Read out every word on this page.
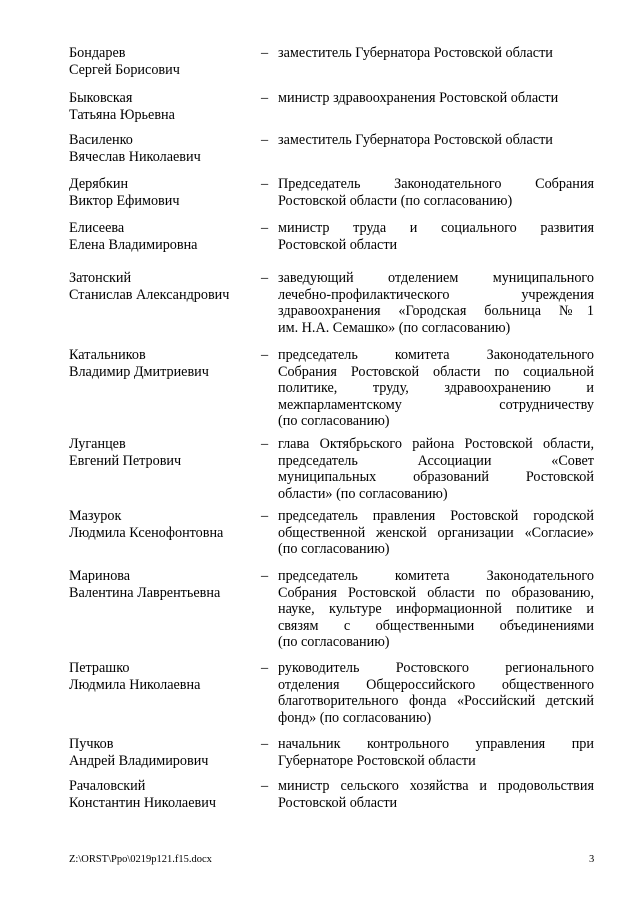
Бондарев
Сергей Борисович
– заместитель Губернатора Ростовской области
Быковская
Татьяна Юрьевна
– министр здравоохранения Ростовской области
Василенко
Вячеслав Николаевич
– заместитель Губернатора Ростовской области
Дерябкин
Виктор Ефимович
– Председатель Законодательного Собрания
Ростовской области (по согласованию)
Елисеева
Елена Владимировна
– министр труда и социального развития
Ростовской области
Затонский
Станислав Александрович
– заведующий отделением муниципального
лечебно-профилактического учреждения
здравоохранения «Городская больница №1
им. Н.А. Семашко» (по согласованию)
Катальников
Владимир Дмитриевич
– председатель комитета Законодательного
Собрания Ростовской области по социальной
политике, труду, здравоохранению и
межпарламентскому сотрудничеству
(по согласованию)
Луганцев
Евгений Петрович
– глава Октябрьского района Ростовской области,
председатель Ассоциации «Совет
муниципальных образований Ростовской
области» (по согласованию)
Мазурок
Людмила Ксенофонтовна
– председатель правления Ростовской городской
общественной женской организации «Согласие»
(по согласованию)
Маринова
Валентина Лаврентьевна
– председатель комитета Законодательного
Собрания Ростовской области по образованию,
науке, культуре информационной политике и
связям с общественными объединениями
(по согласованию)
Петрашко
Людмила Николаевна
– руководитель Ростовского регионального
отделения Общероссийского общественного
благотворительного фонда «Российский детский
фонд» (по согласованию)
Пучков
Андрей Владимирович
– начальник контрольного управления при
Губернаторе Ростовской области
Рачаловский
Константин Николаевич
– министр сельского хозяйства и продовольствия
Ростовской области
Z:\ORST\Ppo\0219p121.f15.docx	3
